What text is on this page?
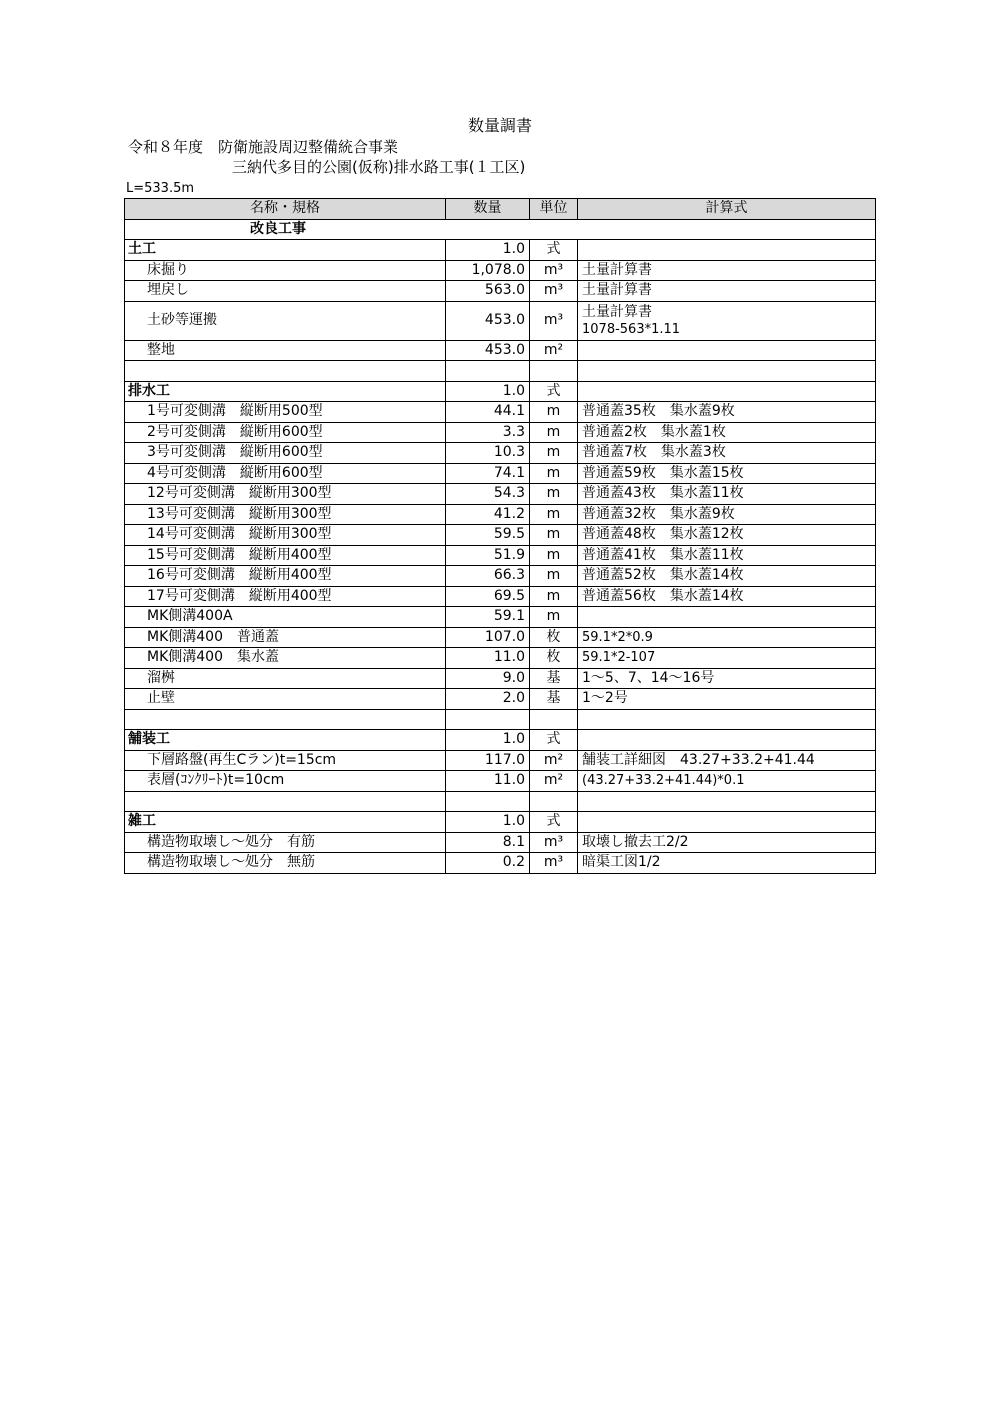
数量調書
令和８年度　防衛施設周辺整備統合事業
三納代多目的公園(仮称)排水路工事(１工区)
L=533.5m
名称・規格	数量	単位	計算式
改良工事			
土工	1.0	式	
床掘り	1,078.0	m³	土量計算書
埋戻し	563.0	m³	土量計算書
土砂等運搬	453.0	m³	土量計算書
1078-563*1.11

整地	453.0	m²	

排水工	1.0	式	
1号可変側溝　縦断用500型	44.1	m	普通蓋35枚　集水蓋9枚
2号可変側溝　縦断用600型	3.3	m	普通蓋2枚　集水蓋1枚
3号可変側溝　縦断用600型	10.3	m	普通蓋7枚　集水蓋3枚
4号可変側溝　縦断用600型	74.1	m	普通蓋59枚　集水蓋15枚
12号可変側溝　縦断用300型	54.3	m	普通蓋43枚　集水蓋11枚
13号可変側溝　縦断用300型	41.2	m	普通蓋32枚　集水蓋9枚
14号可変側溝　縦断用300型	59.5	m	普通蓋48枚　集水蓋12枚
15号可変側溝　縦断用400型	51.9	m	普通蓋41枚　集水蓋11枚
16号可変側溝　縦断用400型	66.3	m	普通蓋52枚　集水蓋14枚
17号可変側溝　縦断用400型	69.5	m	普通蓋56枚　集水蓋14枚
MK側溝400A	59.1	m	
MK側溝400　普通蓋	107.0	枚	59.1*2*0.9
MK側溝400　集水蓋	11.0	枚	59.1*2-107
溜桝	9.0	基	1～5、7、14～16号
止壁	2.0	基	1～2号

舗装工	1.0	式	
下層路盤(再生Cラン)t=15cm	117.0	m²	舗装工詳細図　43.27+33.2+41.44
表層(ｺﾝｸﾘｰﾄ)t=10cm	11.0	m²	(43.27+33.2+41.44)*0.1

雑工	1.0	式	
構造物取壊し～処分　有筋	8.1	m³	取壊し撤去工2/2
構造物取壊し～処分　無筋	0.2	m³	暗渠工図1/2
